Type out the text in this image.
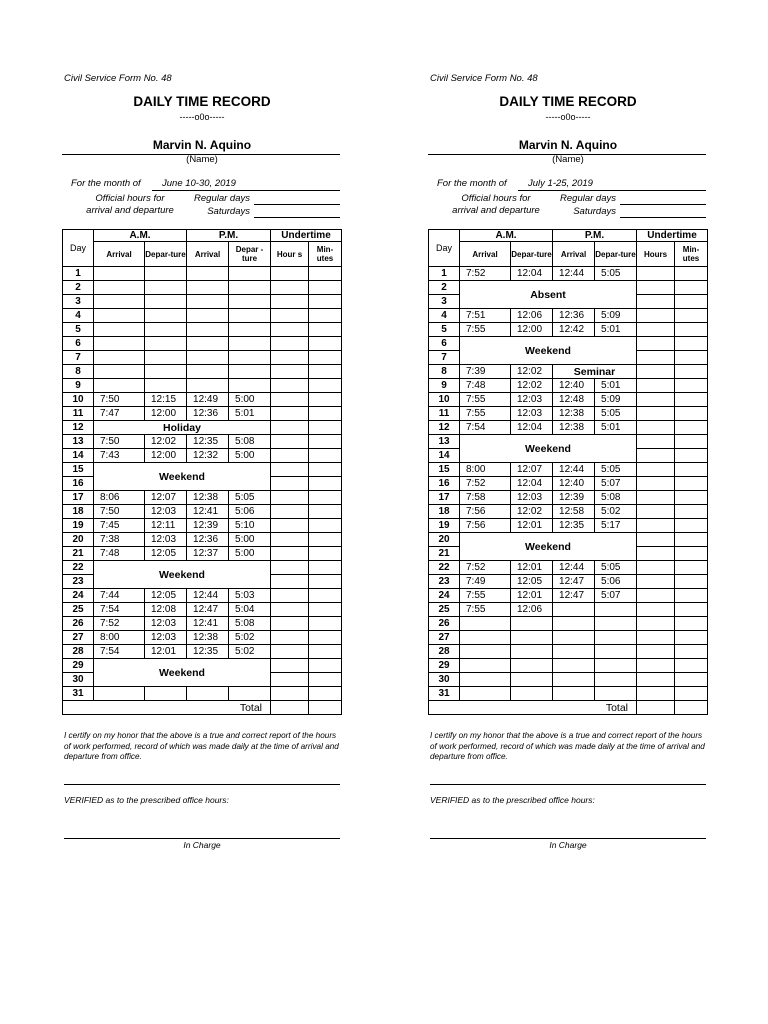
Civil Service Form No. 48
DAILY TIME RECORD
-----o0o-----
Marvin N. Aquino
(Name)
For the month of June 10-30, 2019
Official hours for
arrival and departure
Regular days
Saturdays
Day	A.M.		P.M.		Undertime	
	Arrival	Depar-ture	Arrival	Depar -ture	Hour s	Min-utes
1						
2						
3						
4						
5						
6						
7						
8						
9						
10	7:50	12:15	12:49	5:00		
11	7:47	12:00	12:36	5:01		
12	Holiday					
13	7:50	12:02	12:35	5:08		
14	7:43	12:00	12:32	5:00		
15	Weekend					
16						
17	8:06	12:07	12:38	5:05		
18	7:50	12:03	12:41	5:06		
19	7:45	12:11	12:39	5:10		
20	7:38	12:03	12:36	5:00		
21	7:48	12:05	12:37	5:00		
22	Weekend					
23						
24	7:44	12:05	12:44	5:03		
25	7:54	12:08	12:47	5:04		
26	7:52	12:03	12:41	5:08		
27	8:00	12:03	12:38	5:02		
28	7:54	12:01	12:35	5:02		
29	Weekend					
30						
31						
Total						
I certify on my honor that the above is a true and correct report of the hours of work performed, record of which was made daily at the time of arrival and departure from office.
VERIFIED as to the prescribed office hours:
In Charge
Civil Service Form No. 48
DAILY TIME RECORD
-----o0o-----
Marvin N. Aquino
(Name)
For the month of July 1-25, 2019
Official hours for
arrival and departure
Regular days
Saturdays
Day	A.M.		P.M.		Undertime	
	Arrival	Depar-ture	Arrival	Depar-ture	Hours	Min-utes
1	7:52	12:04	12:44	5:05		
2	Absent					
3						
4	7:51	12:06	12:36	5:09		
5	7:55	12:00	12:42	5:01		
6	Weekend					
7						
8	7:39	12:02	Seminar			
9	7:48	12:02	12:40	5:01		
10	7:55	12:03	12:48	5:09		
11	7:55	12:03	12:38	5:05		
12	7:54	12:04	12:38	5:01		
13	Weekend					
14						
15	8:00	12:07	12:44	5:05		
16	7:52	12:04	12:40	5:07		
17	7:58	12:03	12:39	5:08		
18	7:56	12:02	12:58	5:02		
19	7:56	12:01	12:35	5:17		
20	Weekend					
21						
22	7:52	12:01	12:44	5:05		
23	7:49	12:05	12:47	5:06		
24	7:55	12:01	12:47	5:07		
25	7:55	12:06				
26						
27						
28						
29						
30						
31						
Total						
I certify on my honor that the above is a true and correct report of the hours of work performed, record of which was made daily at the time of arrival and departure from office.
VERIFIED as to the prescribed office hours:
In Charge
